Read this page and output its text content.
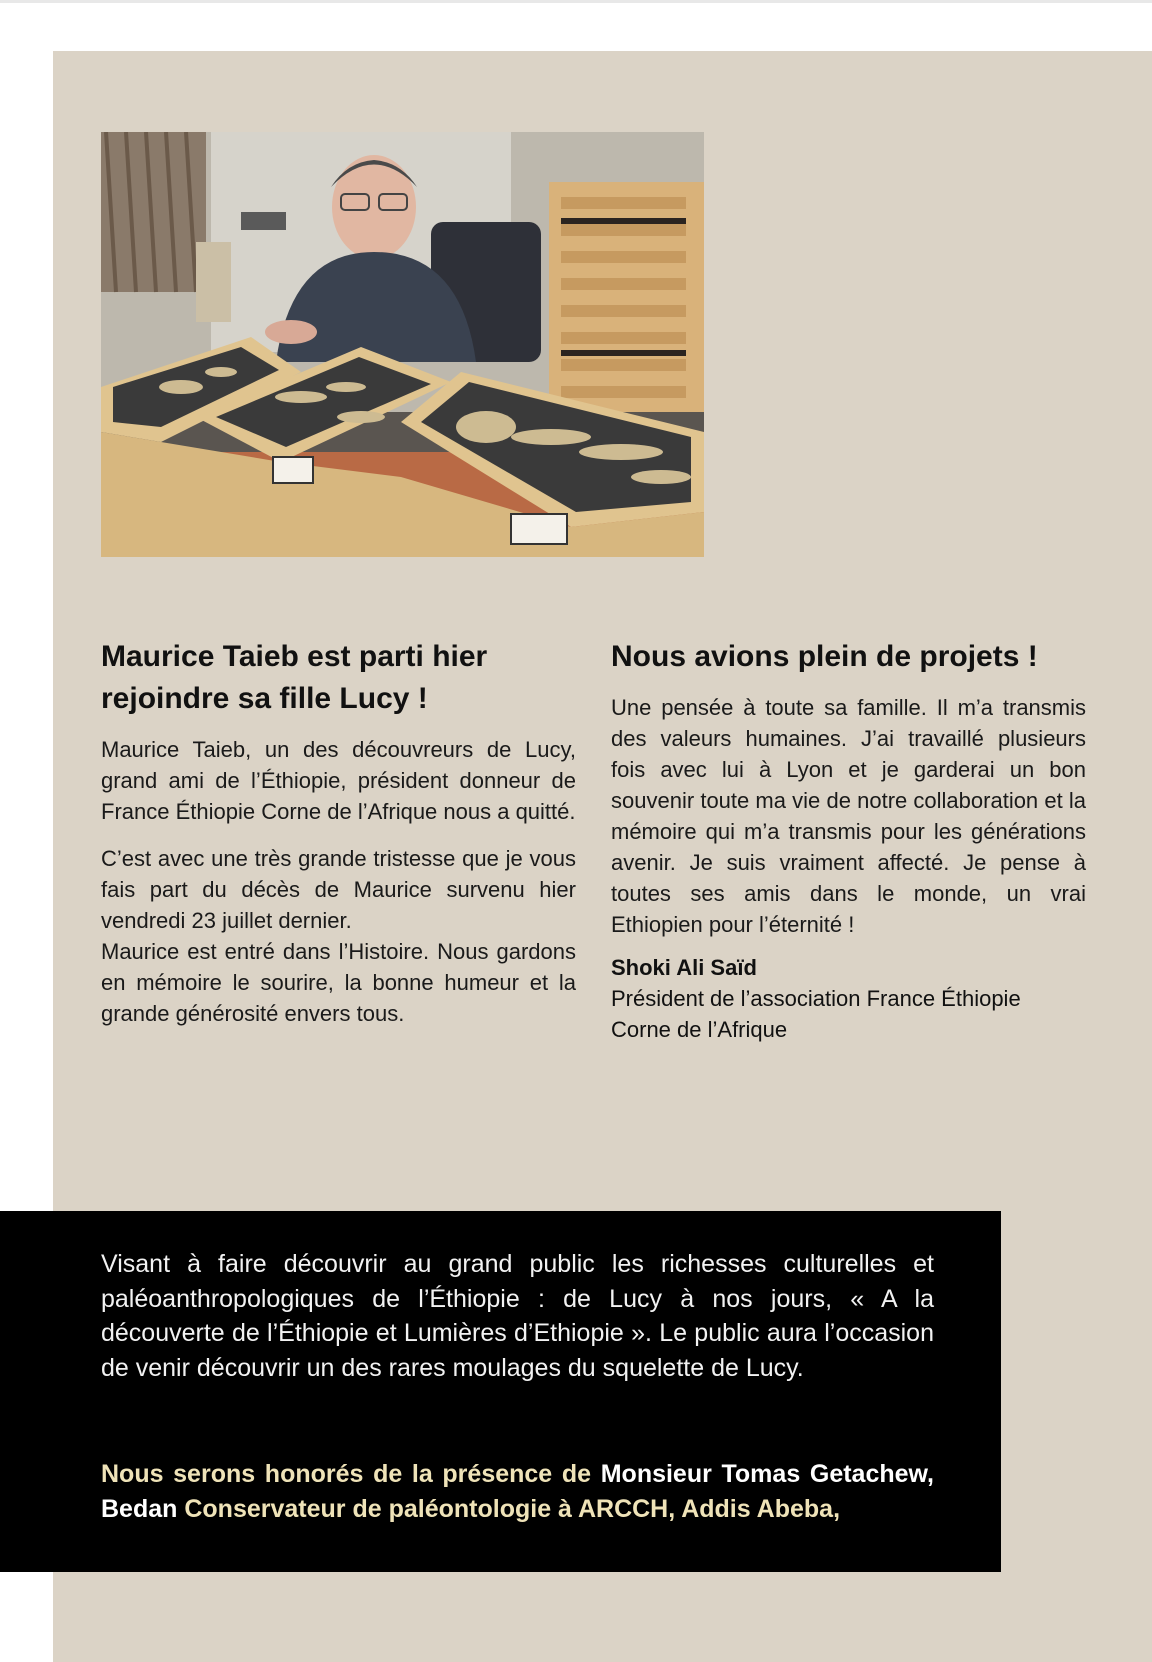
Maurice Taieb est parti hier rejoindre sa fille Lucy !

Maurice Taieb, un des découvreurs de Lucy, grand ami de l’Éthiopie, président donneur de France Éthiopie Corne de l’Afrique nous a quitté.

C’est avec une très grande tristesse que je vous fais part du décès de Maurice survenu hier vendredi 23 juillet dernier.

Maurice est entré dans l’Histoire. Nous gardons en mémoire le sourire, la bonne humeur et la grande générosité envers tous.

Nous avions plein de projets !

Une pensée à toute sa famille. Il m’a transmis des valeurs humaines. J’ai travaillé plusieurs fois avec lui à Lyon et je garderai un bon souvenir toute ma vie de notre collaboration et la mémoire qui m’a transmis pour les générations avenir. Je suis vraiment affecté. Je pense à toutes ses amis dans le monde, un vrai Ethiopien pour l’éternité !

Shoki Ali Saïd

Président de l’association France Éthiopie Corne de l’Afrique

Visant à faire découvrir au grand public les richesses culturelles et paléoanthropologiques de l’Éthiopie : de Lucy à nos jours, « A la découverte de l’Éthiopie et Lumières d’Ethiopie ». Le public aura l’occasion de venir découvrir un des rares moulages du squelette de Lucy.

Nous serons honorés de la présence de Monsieur Tomas Getachew, Bedan Conservateur de paléontologie à ARCCH, Addis Abeba,
